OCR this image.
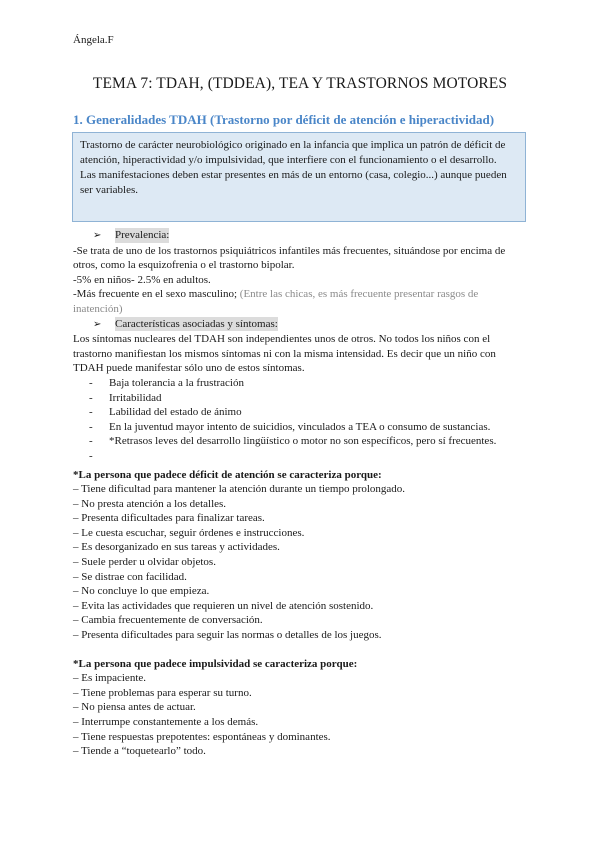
Ángela.F
TEMA 7: TDAH, (TDDEA), TEA Y TRASTORNOS MOTORES
1. Generalidades TDAH (Trastorno por déficit de atención e hiperactividad)
Trastorno de carácter neurobiológico originado en la infancia que implica un patrón de déficit de atención, hiperactividad y/o impulsividad, que interfiere con el funcionamiento o el desarrollo.
Las manifestaciones deben estar presentes en más de un entorno (casa, colegio...) aunque pueden ser variables.
➢	Prevalencia:
-Se trata de uno de los trastornos psiquiátricos infantiles más frecuentes, situándose por encima de otros, como la esquizofrenia o el trastorno bipolar.
-5% en niños- 2.5% en adultos.
-Más frecuente en el sexo masculino; (Entre las chicas, es más frecuente presentar rasgos de inatención)
➢	Características asociadas y síntomas:
Los síntomas nucleares del TDAH son independientes unos de otros. No todos los niños con el trastorno manifiestan los mismos síntomas ni con la misma intensidad. Es decir que un niño con TDAH puede manifestar sólo uno de estos síntomas.
-	Baja tolerancia a la frustración
-	Irritabilidad
-	Labilidad del estado de ánimo
-	En la juventud mayor intento de suicidios, vinculados a TEA o consumo de sustancias.
-	*Retrasos leves del desarrollo lingüístico o motor no son específicos, pero sí frecuentes.
-
*La persona que padece déficit de atención se caracteriza porque:
– Tiene dificultad para mantener la atención durante un tiempo prolongado.
– No presta atención a los detalles.
– Presenta dificultades para finalizar tareas.
– Le cuesta escuchar, seguir órdenes e instrucciones.
– Es desorganizado en sus tareas y actividades.
– Suele perder u olvidar objetos.
– Se distrae con facilidad.
– No concluye lo que empieza.
– Evita las actividades que requieren un nivel de atención sostenido.
– Cambia frecuentemente de conversación.
– Presenta dificultades para seguir las normas o detalles de los juegos.
*La persona que padece impulsividad se caracteriza porque:
– Es impaciente.
– Tiene problemas para esperar su turno.
– No piensa antes de actuar.
– Interrumpe constantemente a los demás.
– Tiene respuestas prepotentes: espontáneas y dominantes.
– Tiende a “toquetearlo” todo.
